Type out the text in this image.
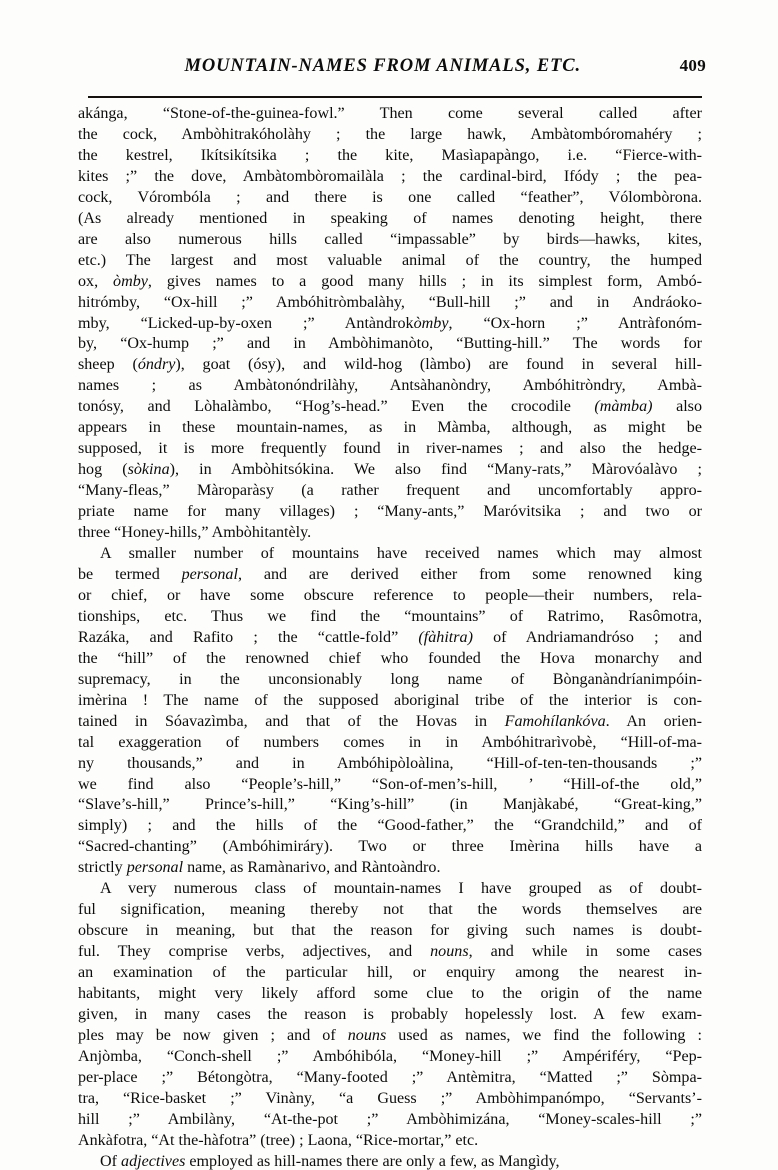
MOUNTAIN-NAMES FROM ANIMALS, ETC.	409

akánga, “Stone-of-the-guinea-fowl.” Then come several called after
the cock, Ambòhitrakóholàhy ; the large hawk, Ambàtombóromahéry ;
the kestrel, Ikítsikítsika ; the kite, Masìapapàngo, i.e. “Fierce-with-
kites ;” the dove, Ambàtombòromailàla ; the cardinal-bird, Ifódy ; the pea-
cock, Vórombóla ; and there is one called “feather”, Vólombòrona.
(As already mentioned in speaking of names denoting height, there
are also numerous hills called “impassable” by birds—hawks, kites,
etc.) The largest and most valuable animal of the country, the humped
ox, òmby, gives names to a good many hills ; in its simplest form, Ambó-
hitrómby, “Ox-hill ;” Ambóhitròmbalàhy, “Bull-hill ;” and in Andráoko-
mby, “Licked-up-by-oxen ;” Antàndrokòmby, “Ox-horn ;” Antràfonóm-
by, “Ox-hump ;” and in Ambòhimanòto, “Butting-hill.” The words for
sheep (óndry), goat (ósy), and wild-hog (làmbo) are found in several hill-
names ; as Ambàtonóndrilàhy, Antsàhanòndry, Ambóhitròndry, Ambà-
tonósy, and Lòhalàmbo, “Hog’s-head.” Even the crocodile (màmba) also
appears in these mountain-names, as in Màmba, although, as might be
supposed, it is more frequently found in river-names ; and also the hedge-
hog (sòkina), in Ambòhitsókina. We also find “Many-rats,” Màrovóalàvo ;
“Many-fleas,” Màroparàsy (a rather frequent and uncomfortably appro-
priate name for many villages) ; “Many-ants,” Maróvitsika ; and two or
three “Honey-hills,” Ambòhitantèly.

A smaller number of mountains have received names which may almost
be termed personal, and are derived either from some renowned king
or chief, or have some obscure reference to people—their numbers, rela-
tionships, etc. Thus we find the “mountains” of Ratrimo, Rasômotra,
Razáka, and Rafito ; the “cattle-fold” (fàhitra) of Andriamandróso ; and
the “hill” of the renowned chief who founded the Hova monarchy and
supremacy, in the unconsionably long name of Bònganàndríanimpóin-
imèrina ! The name of the supposed aboriginal tribe of the interior is con-
tained in Sóavazìmba, and that of the Hovas in Famohílankóva. An orien-
tal exaggeration of numbers comes in in Ambóhitrarìvobè, “Hill-of-ma-
ny thousands,” and in Ambóhipòloàlina, “Hill-of-ten-ten-thousands ;”
we find also “People’s-hill,” “Son-of-men’s-hill, ’ “Hill-of-the old,”
“Slave’s-hill,” Prince’s-hill,” “King’s-hill” (in Manjàkabé, “Great-king,”
simply) ; and the hills of the “Good-father,” the “Grandchild,” and of
“Sacred-chanting” (Ambóhimiráry). Two or three Imèrina hills have a
strictly personal name, as Ramànarivo, and Ràntoàndro.

A very numerous class of mountain-names I have grouped as of doubt-
ful signification, meaning thereby not that the words themselves are
obscure in meaning, but that the reason for giving such names is doubt-
ful. They comprise verbs, adjectives, and nouns, and while in some cases
an examination of the particular hill, or enquiry among the nearest in-
habitants, might very likely afford some clue to the origin of the name
given, in many cases the reason is probably hopelessly lost. A few exam-
ples may be now given ; and of nouns used as names, we find the following :
Anjòmba, “Conch-shell ;” Ambóhibóla, “Money-hill ;” Ampériféry, “Pep-
per-place ;” Bétongòtra, “Many-footed ;” Antèmitra, “Matted ;” Sòmpa-
tra, “Rice-basket ;” Vinàny, “a Guess ;” Ambòhimpanómpo, “Servants’-
hill ;” Ambilàny, “At-the-pot ;” Ambòhimizána, “Money-scales-hill ;”
Ankàfotra, “At the-hàfotra” (tree) ; Laona, “Rice-mortar,” etc.

Of adjectives employed as hill-names there are only a few, as Mangìdy,
